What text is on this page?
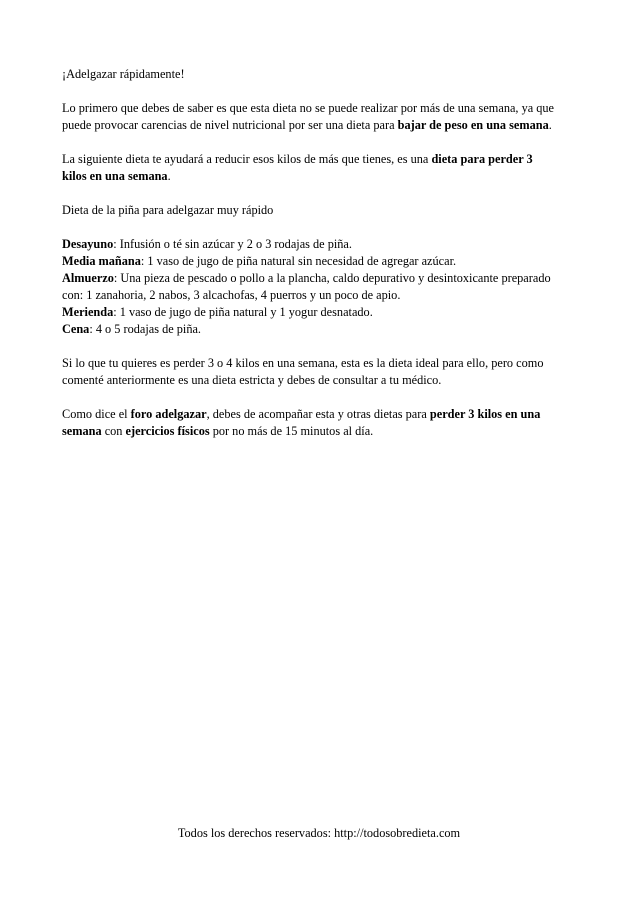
¡Adelgazar rápidamente!
Lo primero que debes de saber es que esta dieta no se puede realizar por más de una semana, ya que
puede provocar carencias de nivel nutricional por ser una dieta para bajar de peso en una semana.
La siguiente dieta te ayudará a reducir esos kilos de más que tienes, es una dieta para perder 3
kilos en una semana.
Dieta de la piña para adelgazar muy rápido
Desayuno: Infusión o té sin azúcar y 2 o 3 rodajas de piña.
Media mañana: 1 vaso de jugo de piña natural sin necesidad de agregar azúcar.
Almuerzo: Una pieza de pescado o pollo a la plancha, caldo depurativo y desintoxicante preparado
con: 1 zanahoria, 2 nabos, 3 alcachofas, 4 puerros y un poco de apio.
Merienda: 1 vaso de jugo de piña natural y 1 yogur desnatado.
Cena: 4 o 5 rodajas de piña.
Si lo que tu quieres es perder 3 o 4 kilos en una semana, esta es la dieta ideal para ello, pero como
comenté anteriormente es una dieta estricta y debes de consultar a tu médico.
Como dice el foro adelgazar, debes de acompañar esta y otras dietas para perder 3 kilos en una
semana con ejercicios físicos por no más de 15 minutos al día.
Todos los derechos reservados: http://todosobredieta.com
